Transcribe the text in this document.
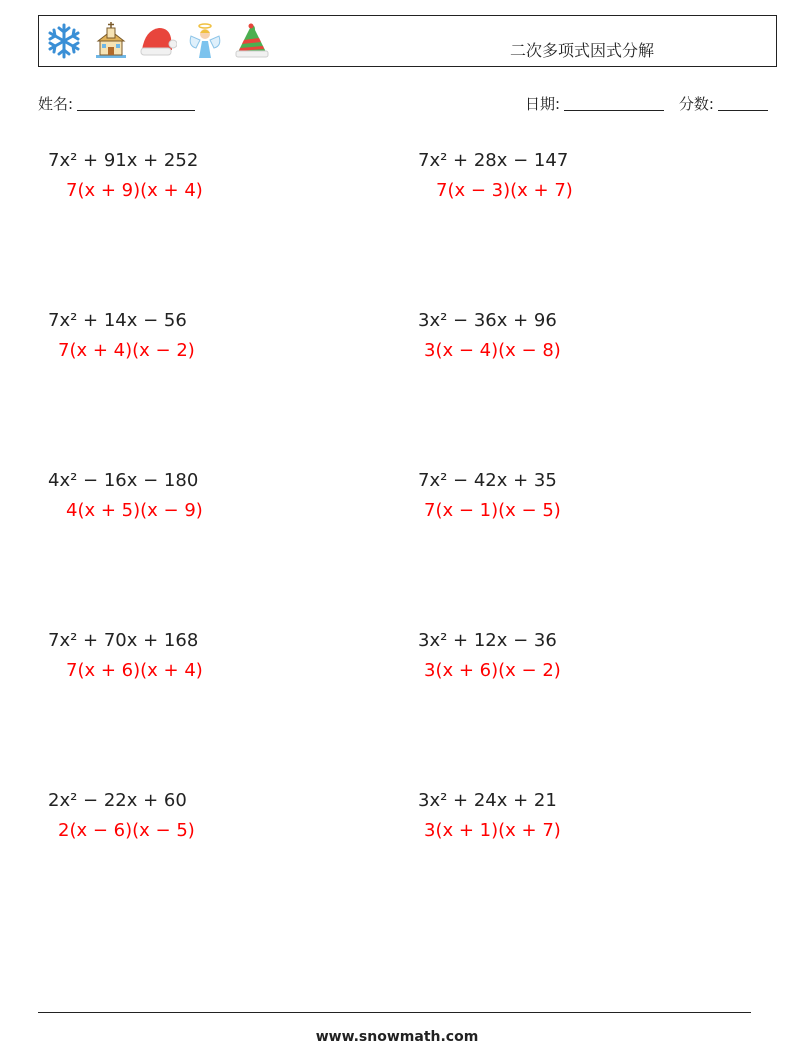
二次多项式因式分解
姓名:	日期:	分数:
7x² + 91x + 252
7(x + 9)(x + 4)
7x² + 28x − 147
7(x − 3)(x + 7)
7x² + 14x − 56
7(x + 4)(x − 2)
3x² − 36x + 96
3(x − 4)(x − 8)
4x² − 16x − 180
4(x + 5)(x − 9)
7x² − 42x + 35
7(x − 1)(x − 5)
7x² + 70x + 168
7(x + 6)(x + 4)
3x² + 12x − 36
3(x + 6)(x − 2)
2x² − 22x + 60
2(x − 6)(x − 5)
3x² + 24x + 21
3(x + 1)(x + 7)
www.snowmath.com
